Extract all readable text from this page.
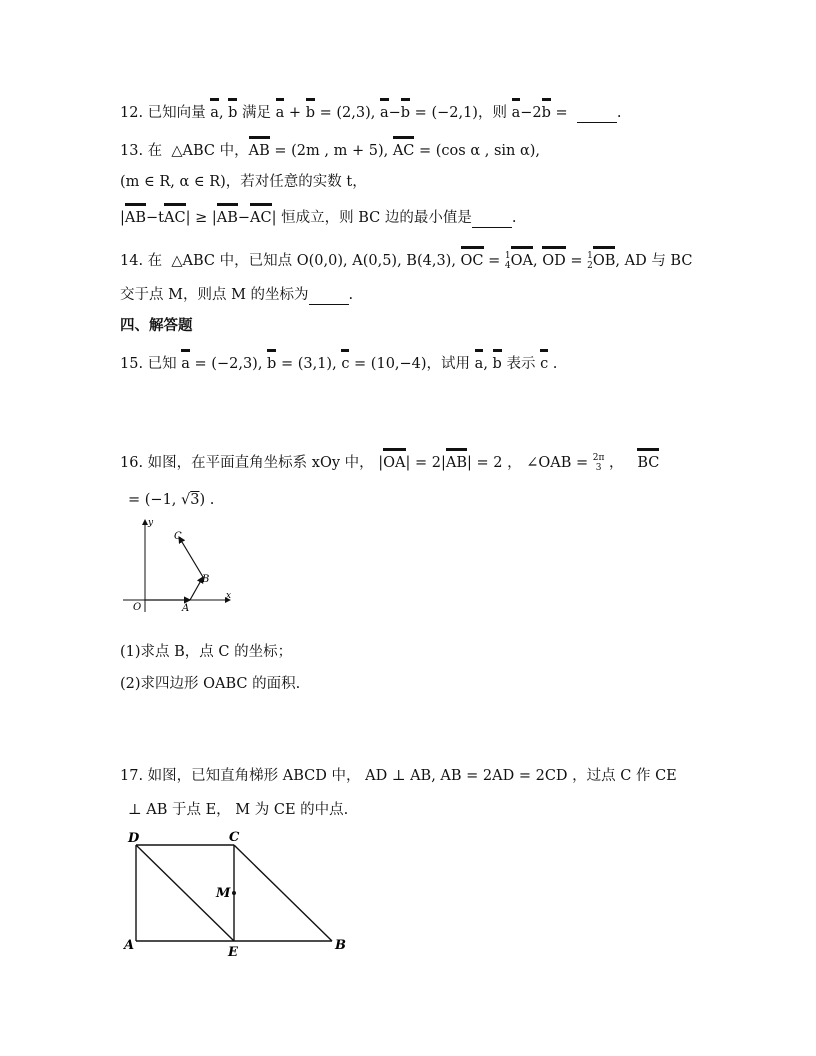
12. 已知向量 a, b 满足 a + b = (2,3), a−b = (−2,1)，则 a−2b =	.
13. 在  △ABC 中，AB = (2m , m + 5), AC = (cos α , sin α),
(m ∈ R, α ∈ R)，若对任意的实数 t，
|AB−tAC| ≥ |AB−AC| 恒成立，则 BC 边的最小值是	.
14. 在  △ABC 中，已知点 O(0,0), A(0,5), B(4,3), OC = 1
4 OA, OD = 1
2 OB, AD 与 BC
交于点 M，则点 M 的坐标为	.
四、解答题
15. 已知 a = (−2,3), b = (3,1), c = (10,−4)，试用 a, b 表示 c .
16. 如图，在平面直角坐标系 xOy 中， |OA| = 2|AB| = 2 ， ∠OAB = 2π
3 ，   BC
= (−1, √3) .
y
x
O	A
B
C
(1)求点 B，点 C 的坐标；
(2)求四边形 OABC 的面积.
17. 如图，已知直角梯形 ABCD 中， AD ⊥ AB, AB = 2AD = 2CD ，过点 C 作 CE
⊥ AB 于点 E， M 为 CE 的中点.
D	C
M
A	E	B
